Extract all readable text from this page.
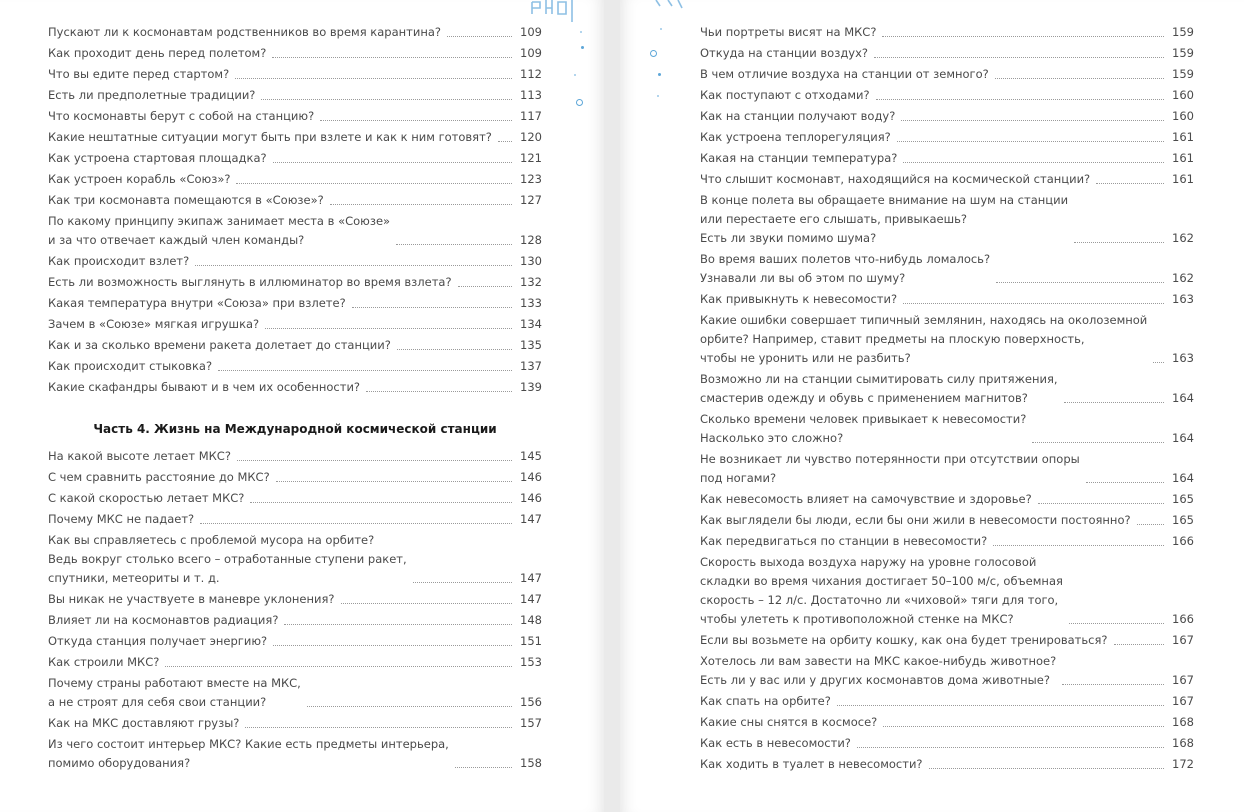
Пускают ли к космонавтам родственников во время карантина?	109
Как проходит день перед полетом?	109
Что вы едите перед стартом?	112
Есть ли предполетные традиции?	113
Что космонавты берут с собой на станцию?	117
Какие нештатные ситуации могут быть при взлете и как к ним готовят? 120
Как устроена стартовая площадка?	121
Как устроен корабль «Союз»?	123
Как три космонавта помещаются в «Союзе»?	127
По какому принципу экипаж занимает места в «Союзе»
и за что отвечает каждый член команды?	128
Как происходит взлет?	130
Есть ли возможность выглянуть в иллюминатор во время взлета?	132
Какая температура внутри «Союза» при взлете?	133
Зачем в «Союзе» мягкая игрушка?	134
Как и за сколько времени ракета долетает до станции?	135
Как происходит стыковка?	137
Какие скафандры бывают и в чем их особенности?	139
Часть 4. Жизнь на Международной космической станции
На какой высоте летает МКС?	145
С чем сравнить расстояние до МКС?	146
С какой скоростью летает МКС?	146
Почему МКС не падает?	147
Как вы справляетесь с проблемой мусора на орбите?
Ведь вокруг столько всего – отработанные ступени ракет,
спутники, метеориты и т. д.	147
Вы никак не участвуете в маневре уклонения?	147
Влияет ли на космонавтов радиация?	148
Откуда станция получает энергию?	151
Как строили МКС?	153
Почему страны работают вместе на МКС,
а не строят для себя свои станции?	156
Как на МКС доставляют грузы?	157
Из чего состоит интерьер МКС? Какие есть предметы интерьера,
помимо оборудования?	158
Чьи портреты висят на МКС?	159
Откуда на станции воздух?	159
В чем отличие воздуха на станции от земного?	159
Как поступают с отходами?	160
Как на станции получают воду?	160
Как устроена теплорегуляция?	161
Какая на станции температура?	161
Что слышит космонавт, находящийся на космической станции?	161
В конце полета вы обращаете внимание на шум на станции
или перестаете его слышать, привыкаешь?
Есть ли звуки помимо шума?	162
Во время ваших полетов что-нибудь ломалось?
Узнавали ли вы об этом по шуму?	162
Как привыкнуть к невесомости?	163
Какие ошибки совершает типичный землянин, находясь на околоземной
орбите? Например, ставит предметы на плоскую поверхность,
чтобы не уронить или не разбить?	163
Возможно ли на станции сымитировать силу притяжения,
смастерив одежду и обувь с применением магнитов?	164
Сколько времени человек привыкает к невесомости?
Насколько это сложно?	164
Не возникает ли чувство потерянности при отсутствии опоры
под ногами?	164
Как невесомость влияет на самочувствие и здоровье?	165
Как выглядели бы люди, если бы они жили в невесомости постоянно?	165
Как передвигаться по станции в невесомости?	166
Скорость выхода воздуха наружу на уровне голосовой
складки во время чихания достигает 50–100 м/с, объемная
скорость – 12 л/с. Достаточно ли «чиховой» тяги для того,
чтобы улететь к противоположной стенке на МКС?	166
Если вы возьмете на орбиту кошку, как она будет тренироваться?	167
Хотелось ли вам завести на МКС какое-нибудь животное?
Есть ли у вас или у других космонавтов дома животные?	167
Как спать на орбите?	167
Какие сны снятся в космосе?	168
Как есть в невесомости?	168
Как ходить в туалет в невесомости?	172
